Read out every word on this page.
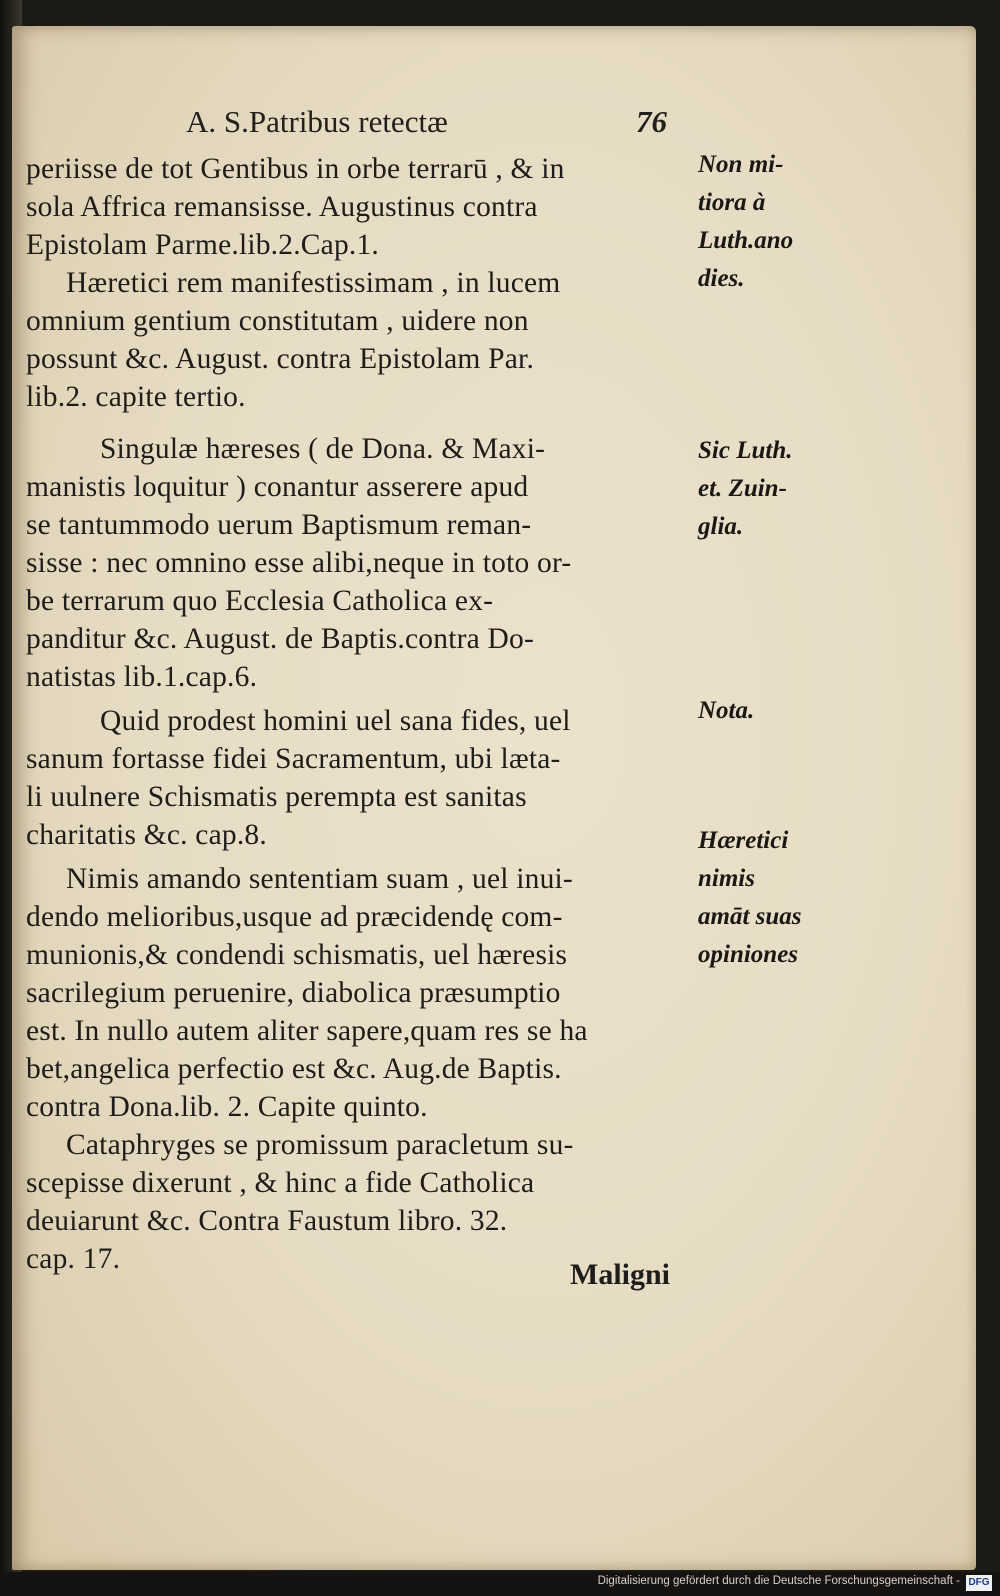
A. S.Patribus retectæ	76
periisse de tot Gentibus in orbe terrarū , & in
sola Affrica remansisse. Augustinus contra
Epistolam Parme.lib.2.Cap.1.
Hæretici rem manifestissimam , in lucem
omnium gentium constitutam , uidere non
possunt &c. August. contra Epistolam Par.
lib.2. capite tertio.
Singulæ hæreses ( de Dona. & Maxi-
manistis loquitur ) conantur asserere apud
se tantummodo uerum Baptismum reman-
sisse : nec omnino esse alibi,neque in toto or-
be terrarum quo Ecclesia Catholica ex-
panditur &c. August. de Baptis.contra Do-
natistas lib.1.cap.6.
Quid prodest homini uel sana fides, uel
sanum fortasse fidei Sacramentum, ubi læta-
li uulnere Schismatis perempta est sanitas
charitatis &c. cap.8.
Nimis amando sententiam suam , uel inui-
dendo melioribus,usque ad præcidendę com-
munionis,& condendi schismatis, uel hæresis
sacrilegium peruenire, diabolica præsumptio
est. In nullo autem aliter sapere,quam res se ha
bet,angelica perfectio est &c. Aug.de Baptis.
contra Dona.lib. 2. Capite quinto.
Cataphryges se promissum paracletum su-
scepisse dixerunt , & hinc a fide Catholica
deuiarunt &c. Contra Faustum libro. 32.
cap. 17.
Non mi-
tiora à
Luth.ano
dies.
Sic Luth.
et. Zuin-
glia.
Nota.
Hæretici
nimis
amāt suas
opiniones
Maligni
Digitalisierung gefördert durch die Deutsche Forschungsgemeinschaft - DFG
